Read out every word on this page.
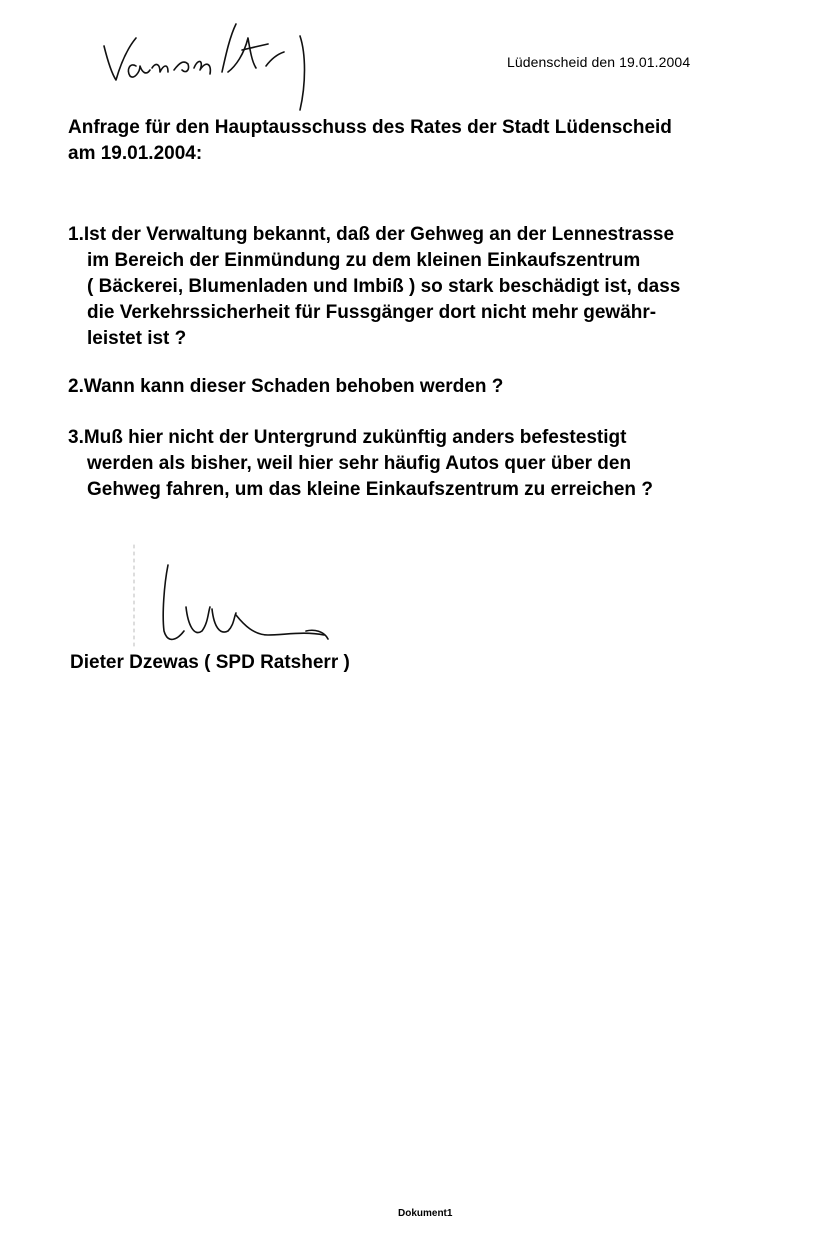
Lüdenscheid den 19.01.2004
Anfrage für den Hauptausschuss des Rates der Stadt Lüdenscheid
am 19.01.2004:
1.Ist der Verwaltung bekannt, daß der Gehweg an der Lennestrasse
im Bereich der Einmündung zu dem kleinen Einkaufszentrum
( Bäckerei, Blumenladen und Imbiß ) so stark beschädigt ist, dass
die Verkehrssicherheit für Fussgänger dort nicht mehr gewähr-
leistet ist ?
2.Wann kann dieser Schaden behoben werden ?
3.Muß hier nicht der Untergrund zukünftig anders befestestigt
werden als bisher, weil hier sehr häufig Autos quer über den
Gehweg fahren, um das kleine Einkaufszentrum zu erreichen ?
Dieter Dzewas ( SPD Ratsherr )
Dokument1
